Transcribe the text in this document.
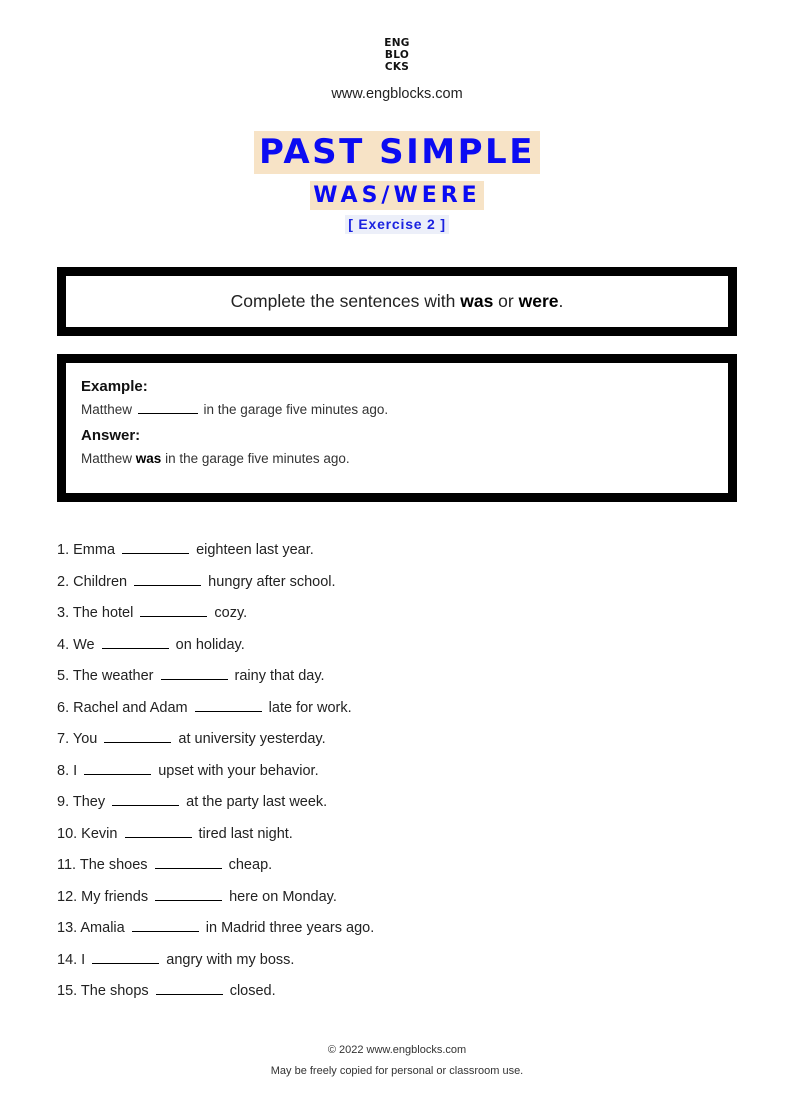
ENG
BLO
CKS
www.engblocks.com
PAST SIMPLE
WAS/WERE
[ Exercise 2 ]
Complete the sentences with was or were.
Example:
Matthew	in the garage five minutes ago.
Answer:
Matthew was in the garage five minutes ago.
1. Emma	eighteen last year.
2. Children	hungry after school.
3. The hotel	cozy.
4. We	on holiday.
5. The weather	rainy that day.
6. Rachel and Adam	late for work.
7. You	at university yesterday.
8. I	upset with your behavior.
9. They	at the party last week.
10. Kevin	tired last night.
11. The shoes	cheap.
12. My friends	here on Monday.
13. Amalia	in Madrid three years ago.
14. I	angry with my boss.
15. The shops	closed.
© 2022 www.engblocks.com
May be freely copied for personal or classroom use.
